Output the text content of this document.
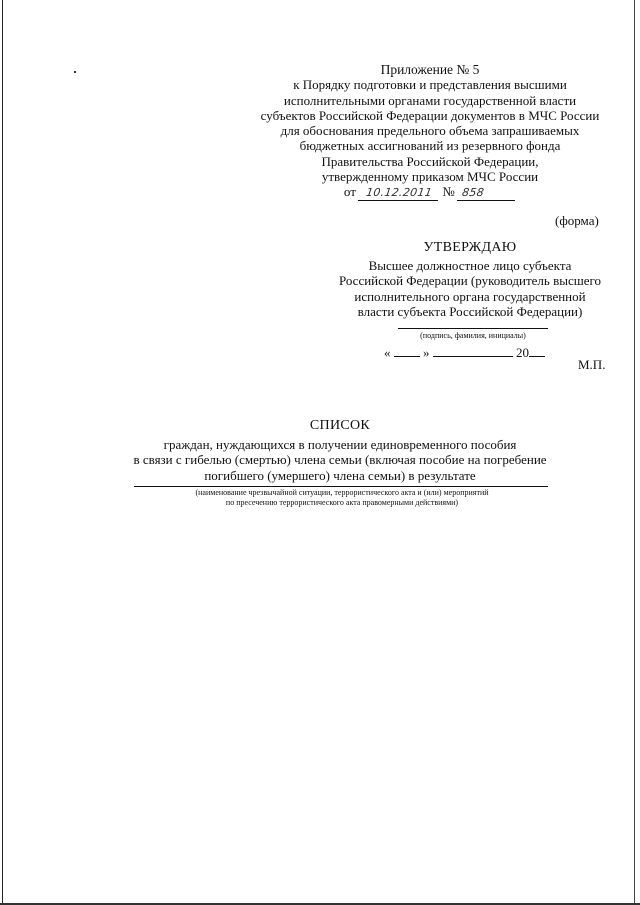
Приложение № 5
к Порядку подготовки и представления высшими
исполнительными органами государственной власти
субъектов Российской Федерации документов в МЧС России
для обоснования предельного объема запрашиваемых
бюджетных ассигнований из резервного фонда
Правительства Российской Федерации,
утвержденному приказом МЧС России
от 10.12.2011 № 858
(форма)
УТВЕРЖДАЮ
Высшее должностное лицо субъекта
Российской Федерации (руководитель высшего
исполнительного органа государственной
власти субъекта Российской Федерации)
(подпись, фамилия, инициалы)
«	»	20
М.П.
СПИСОК
граждан, нуждающихся в получении единовременного пособия
в связи с гибелью (смертью) члена семьи (включая пособие на погребение
погибшего (умершего) члена семьи) в результате
(наименование чрезвычайной ситуации, террористического акта и (или) мероприятий
по пресечению террористического акта правомерными действиями)
